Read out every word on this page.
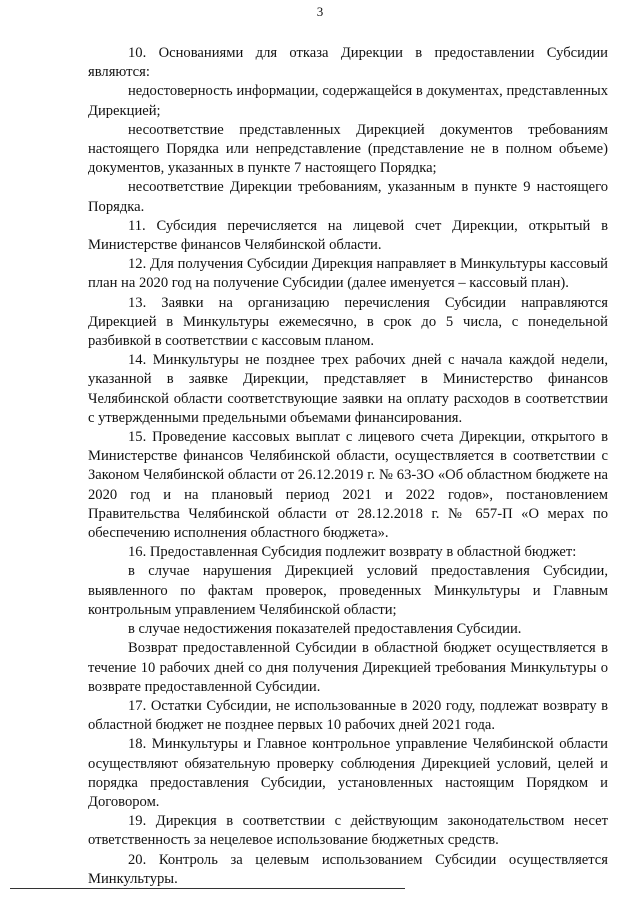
3

10. Основаниями для отказа Дирекции в предоставлении Субсидии являются:

недостоверность информации, содержащейся в документах, представленных Дирекцией;

несоответствие представленных Дирекцией документов требованиям настоящего Порядка или непредставление (представление не в полном объеме) документов, указанных в пункте 7 настоящего Порядка;

несоответствие Дирекции требованиям, указанным в пункте 9 настоящего Порядка.

11. Субсидия перечисляется на лицевой счет Дирекции, открытый в Министерстве финансов Челябинской области.

12. Для получения Субсидии Дирекция направляет в Минкультуры кассовый план на 2020 год на получение Субсидии (далее именуется – кассовый план).

13. Заявки на организацию перечисления Субсидии направляются Дирекцией в Минкультуры ежемесячно, в срок до 5 числа, с понедельной разбивкой в соответствии с кассовым планом.

14. Минкультуры не позднее трех рабочих дней с начала каждой недели, указанной в заявке Дирекции, представляет в Министерство финансов Челябинской области соответствующие заявки на оплату расходов в соответствии с утвержденными предельными объемами финансирования.

15. Проведение кассовых выплат с лицевого счета Дирекции, открытого в Министерстве финансов Челябинской области, осуществляется в соответствии с Законом Челябинской области от 26.12.2019 г. № 63-ЗО «Об областном бюджете на 2020 год и на плановый период 2021 и 2022 годов», постановлением Правительства Челябинской области от 28.12.2018 г. № 657-П «О мерах по обеспечению исполнения областного бюджета».

16. Предоставленная Субсидия подлежит возврату в областной бюджет:

в случае нарушения Дирекцией условий предоставления Субсидии, выявленного по фактам проверок, проведенных Минкультуры и Главным контрольным управлением Челябинской области;

в случае недостижения показателей предоставления Субсидии.

Возврат предоставленной Субсидии в областной бюджет осуществляется в течение 10 рабочих дней со дня получения Дирекцией требования Минкультуры о возврате предоставленной Субсидии.

17. Остатки Субсидии, не использованные в 2020 году, подлежат возврату в областной бюджет не позднее первых 10 рабочих дней 2021 года.

18. Минкультуры и Главное контрольное управление Челябинской области осуществляют обязательную проверку соблюдения Дирекцией условий, целей и порядка предоставления Субсидии, установленных настоящим Порядком и Договором.

19. Дирекция в соответствии с действующим законодательством несет ответственность за нецелевое использование бюджетных средств.

20. Контроль за целевым использованием Субсидии осуществляется Минкультуры.
